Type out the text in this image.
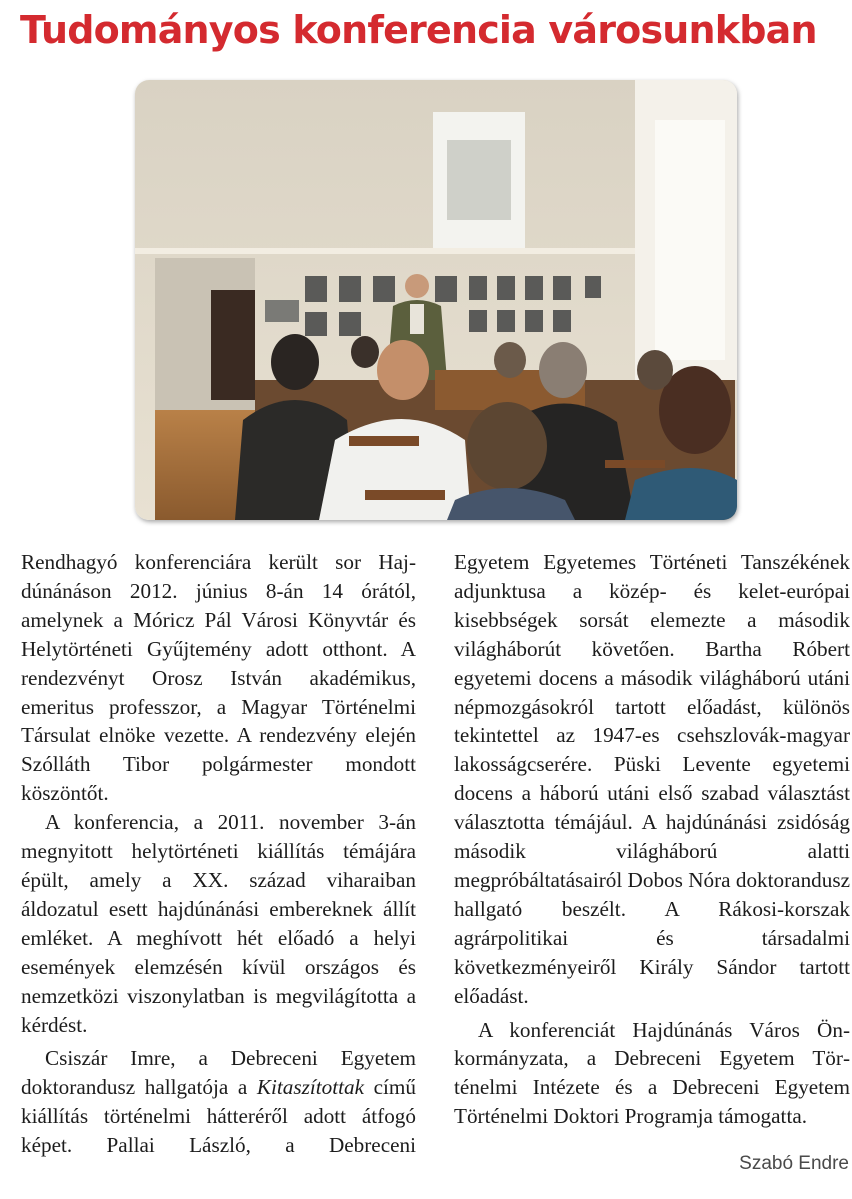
Tudományos konferencia városunkban

Rendhagyó konferenciára került sor Hajdúnánáson 2012. június 8-án 14 órától, amelynek a Móricz Pál Városi Könyvtár és Helytörténeti Gyűjtemény adott otthont. A rendezvényt Orosz István akadémikus, emeritus professzor, a Magyar Történelmi Társulat elnöke vezette. A rendezvény elején Szólláth Tibor polgármester mondott köszöntőt.

A konferencia, a 2011. november 3-án megnyitott helytörténeti kiállítás témájára épült, amely a XX. század viharaiban áldozatul esett hajdúnánási embereknek állít emléket. A meghívott hét előadó a helyi események elemzésén kívül országos és nemzetközi viszonylatban is megvilágította a kérdést.

Csiszár Imre, a Debreceni Egyetem doktorandusz hallgatója a Kitaszítottak című kiállítás történelmi hátteréről adott átfogó képet. Pallai László, a Debreceni

Egyetem Egyetemes Történeti Tanszékének adjunktusa a közép- és kelet-európai kisebbségek sorsát elemezte a második világháborút követően. Bartha Róbert egyetemi docens a második világháború utáni népmozgásokról tartott előadást, különös tekintettel az 1947-es csehszlovák-magyar lakosságcserére. Püski Levente egyetemi docens a háború utáni első szabad választást választotta témájául. A hajdúnánási zsidóság második világháború alatti megpróbáltatásairól Dobos Nóra doktorandusz hallgató beszélt. A Rákosi-korszak agrárpolitikai és társadalmi következményeiről Király Sándor tartott előadást.

A konferenciát Hajdúnánás Város Önkormányzata, a Debreceni Egyetem Történelmi Intézete és a Debreceni Egyetem Történelmi Doktori Programja támogatta.

Szabó Endre
